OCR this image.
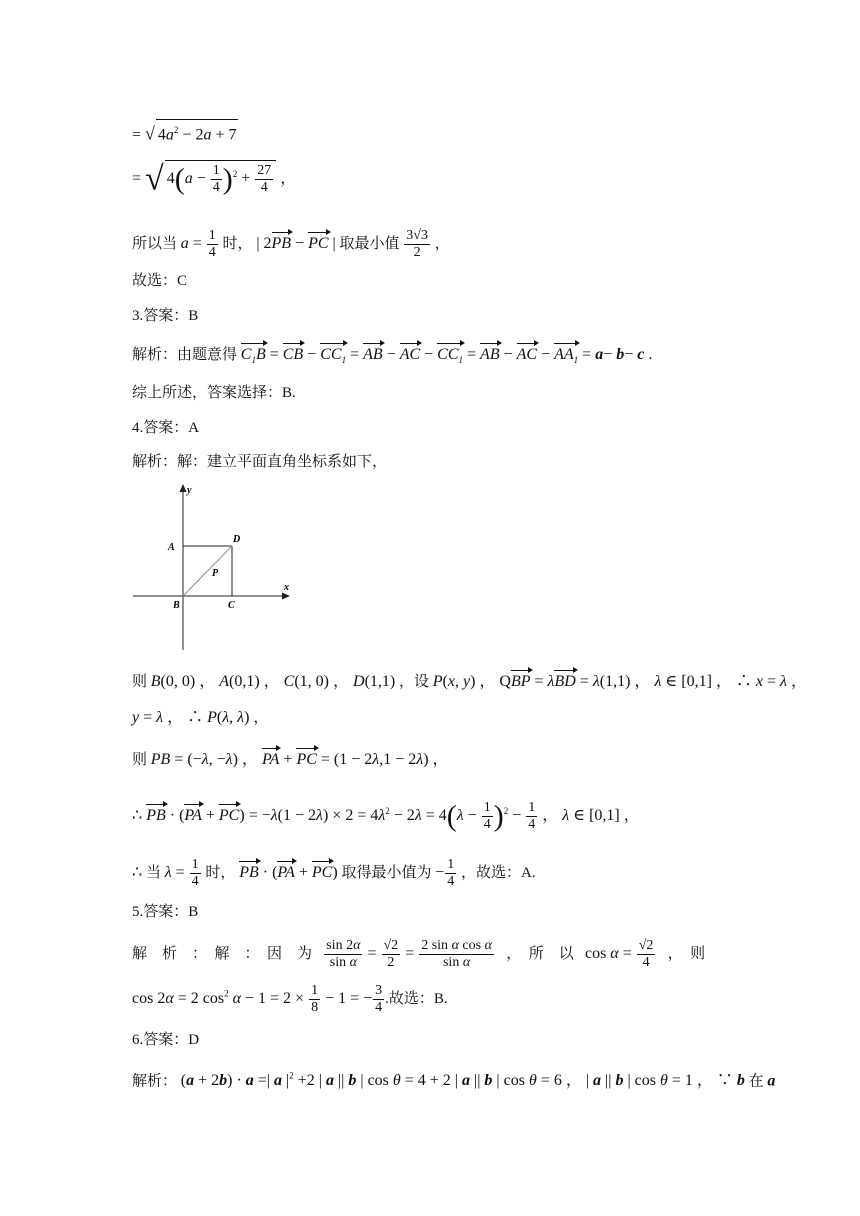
= √ $4a^2 - 2a + 7$
= √ $4(a - \frac{1}{4} )^2 + \frac{27}{4}$ ，
所以当 $a = \frac{1}{4}$ 时， | 2PB − PC | 取最小值 $\frac{3√3}{2}$ ，
故选：C
3.答案：B
解析：由题意得 $C_1B$ = CB − $CC_1$ = AB − AC − $CC_1$ = AB − AC − $AA_1 = a- b- c$ .
综上所述，答案选择：B.
4.答案：A
解析：解：建立平面直角坐标系如下，
y
x
A
D
P
B	C
则 B(0, 0) ， A(0,1) ， C(1, 0) ， D(1,1) ，设 P(x, y) ， QBP = λBD = λ(1,1) ， λ ∈ [0,1] ， ∴ x = λ ，
y = λ ， ∴ P(λ, λ) ，
则 PB = (−λ, −λ) ， PA + PC = (1 − 2λ,1 − 2λ) ，
∴ PB · $(PA + PC) = -\lambda(1 - 2\lambda) \times 2 = 4\lambda^2 - 2\lambda = 4(\lambda - \frac{1}{4} )^2 - \frac{1}{4}$ ， λ ∈ [0,1] ，
∴ 当 $\lambda = \frac{1}{4}$ 时， PB · (PA + PC) 取得最小值为 − $\frac{1}{4}$ ，故选：A.
5.答案：B
解　析　：　解　：　因　为 $\frac{\sin 2\alpha}{\text{sin α}} = \frac{√2}{2} = \frac{\text{2 sin α cos α}}{\text{sin α}}$ ，　所　以 $\cos \alpha = \frac{√2}{4}$ ，　则
cos 2α = 2 $\cos^2 \alpha - 1 = 2 \times \frac{1}{8} - 1$ = − $\frac{3}{4}$ .故选：B.
6.答案：D
解析： (a + 2b) · a =| a $|^2 +2$ | a || b | cos θ = 4 + 2 | a || b | cos θ = 6 ， | a || b | cos θ = 1 ， ∵ b 在 a
